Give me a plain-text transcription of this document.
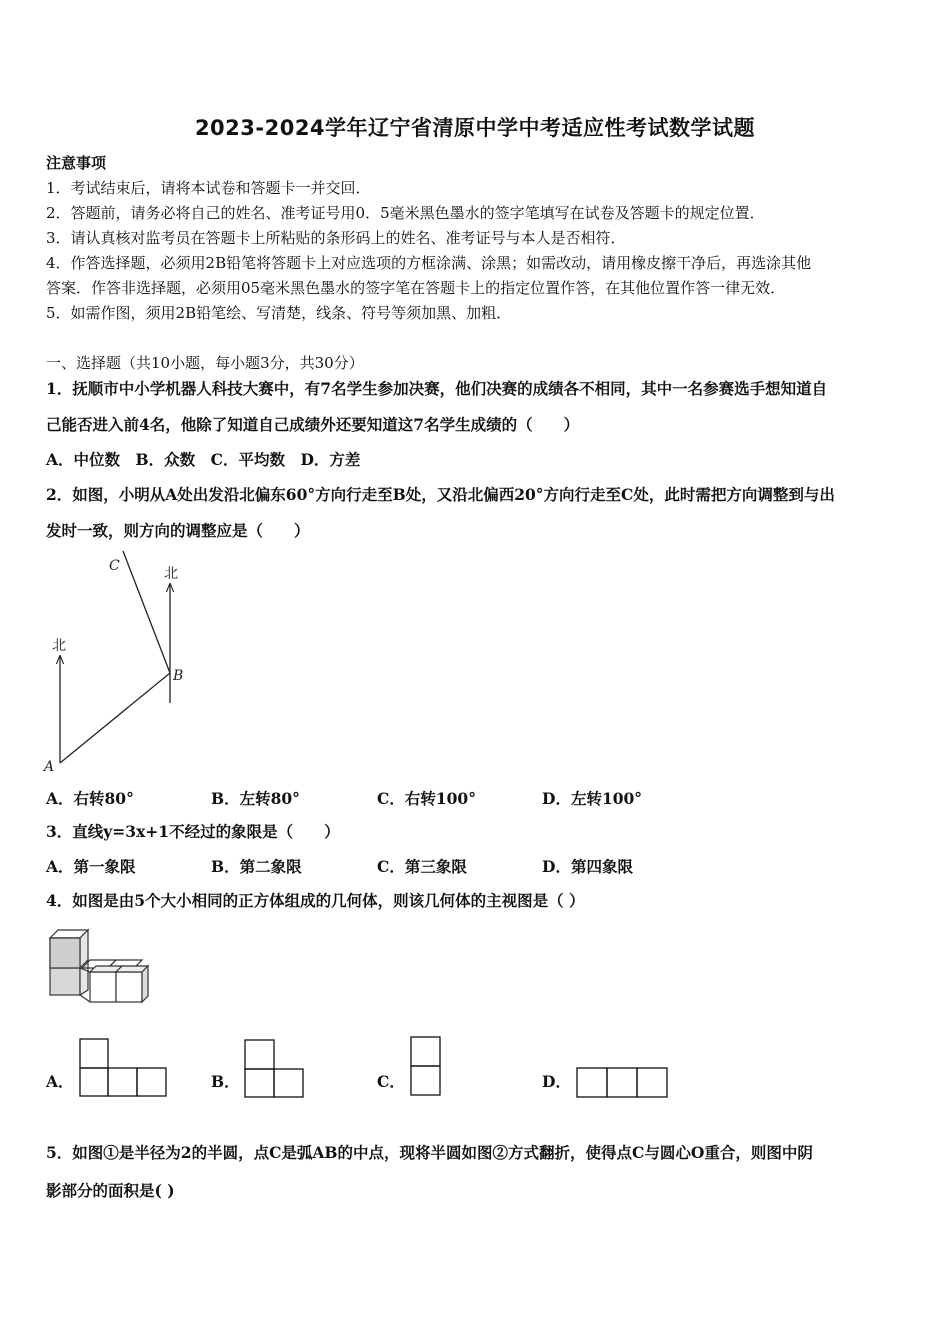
2023-2024学年辽宁省清原中学中考适应性考试数学试题
注意事项
1．考试结束后，请将本试卷和答题卡一并交回．
2．答题前，请务必将自己的姓名、准考证号用0．5毫米黑色墨水的签字笔填写在试卷及答题卡的规定位置．
3．请认真核对监考员在答题卡上所粘贴的条形码上的姓名、准考证号与本人是否相符．
4．作答选择题，必须用2B铅笔将答题卡上对应选项的方框涂满、涂黑；如需改动，请用橡皮擦干净后，再选涂其他
答案．作答非选择题，必须用05毫米黑色墨水的签字笔在答题卡上的指定位置作答，在其他位置作答一律无效．
5．如需作图，须用2B铅笔绘、写清楚，线条、符号等须加黑、加粗．
一、选择题（共10小题，每小题3分，共30分）
1．抚顺市中小学机器人科技大赛中，有7名学生参加决赛，他们决赛的成绩各不相同，其中一名参赛选手想知道自
己能否进入前4名，他除了知道自己成绩外还要知道这7名学生成绩的（　　）
A．中位数　B．众数　C．平均数　D．方差
2．如图，小明从A处出发沿北偏东60°方向行走至B处，又沿北偏西20°方向行走至C处，此时需把方向调整到与出
发时一致，则方向的调整应是（　　）
北
北
A
B
C
A．右转80°	B．左转80°	C．右转100°	D．左转100°
3．直线y=3x+1不经过的象限是（　　）
A．第一象限	B．第二象限	C．第三象限	D．第四象限
4．如图是由5个大小相同的正方体组成的几何体，则该几何体的主视图是（ ）
A．	B．	C．	D．
5．如图①是半径为2的半圆，点C是弧AB的中点，现将半圆如图②方式翻折，使得点C与圆心O重合，则图中阴
影部分的面积是( )
